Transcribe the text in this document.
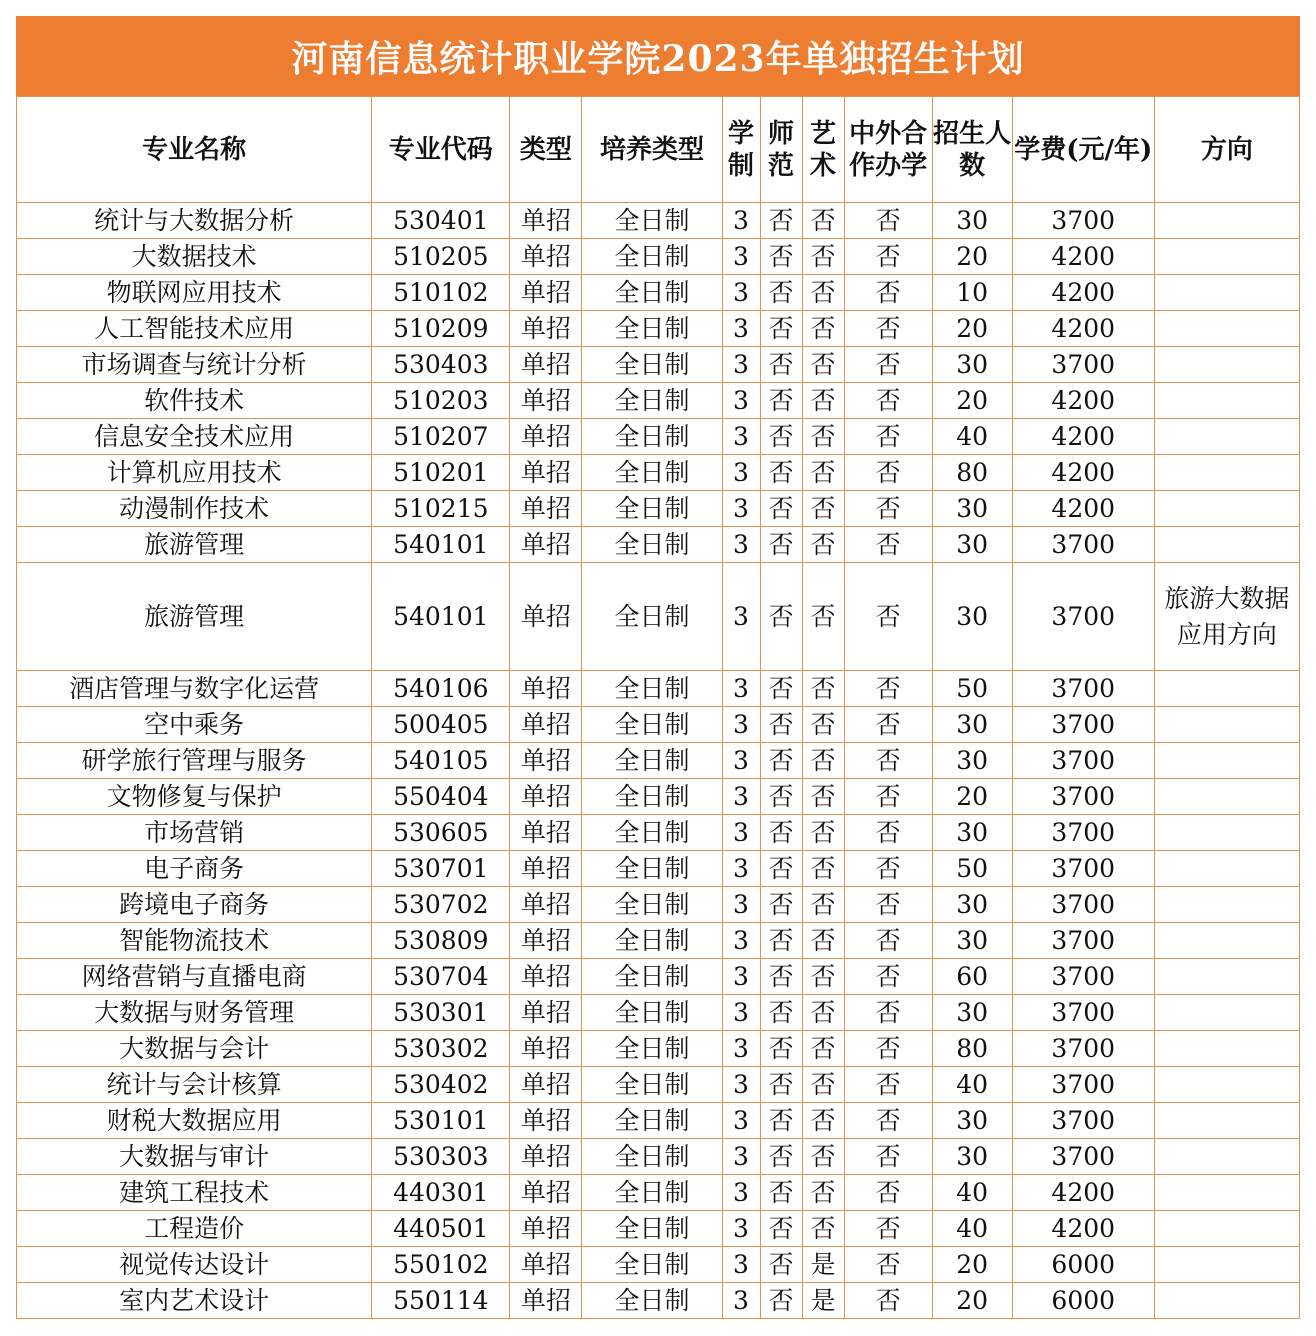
河南信息统计职业学院2023年单独招生计划
专业名称	专业代码	类型	培养类型	学制	师范	艺术	中外合作办学	招生人数	学费(元/年)	方向
统计与大数据分析	530401	单招	全日制	3	否	否	否	30	3700	
大数据技术	510205	单招	全日制	3	否	否	否	20	4200	
物联网应用技术	510102	单招	全日制	3	否	否	否	10	4200	
人工智能技术应用	510209	单招	全日制	3	否	否	否	20	4200	
市场调查与统计分析	530403	单招	全日制	3	否	否	否	30	3700	
软件技术	510203	单招	全日制	3	否	否	否	20	4200	
信息安全技术应用	510207	单招	全日制	3	否	否	否	40	4200	
计算机应用技术	510201	单招	全日制	3	否	否	否	80	4200	
动漫制作技术	510215	单招	全日制	3	否	否	否	30	4200	
旅游管理	540101	单招	全日制	3	否	否	否	30	3700	
旅游管理	540101	单招	全日制	3	否	否	否	30	3700	旅游大数据应用方向
酒店管理与数字化运营	540106	单招	全日制	3	否	否	否	50	3700	
空中乘务	500405	单招	全日制	3	否	否	否	30	3700	
研学旅行管理与服务	540105	单招	全日制	3	否	否	否	30	3700	
文物修复与保护	550404	单招	全日制	3	否	否	否	20	3700	
市场营销	530605	单招	全日制	3	否	否	否	30	3700	
电子商务	530701	单招	全日制	3	否	否	否	50	3700	
跨境电子商务	530702	单招	全日制	3	否	否	否	30	3700	
智能物流技术	530809	单招	全日制	3	否	否	否	30	3700	
网络营销与直播电商	530704	单招	全日制	3	否	否	否	60	3700	
大数据与财务管理	530301	单招	全日制	3	否	否	否	30	3700	
大数据与会计	530302	单招	全日制	3	否	否	否	80	3700	
统计与会计核算	530402	单招	全日制	3	否	否	否	40	3700	
财税大数据应用	530101	单招	全日制	3	否	否	否	30	3700	
大数据与审计	530303	单招	全日制	3	否	否	否	30	3700	
建筑工程技术	440301	单招	全日制	3	否	否	否	40	4200	
工程造价	440501	单招	全日制	3	否	否	否	40	4200	
视觉传达设计	550102	单招	全日制	3	否	是	否	20	6000	
室内艺术设计	550114	单招	全日制	3	否	是	否	20	6000	
